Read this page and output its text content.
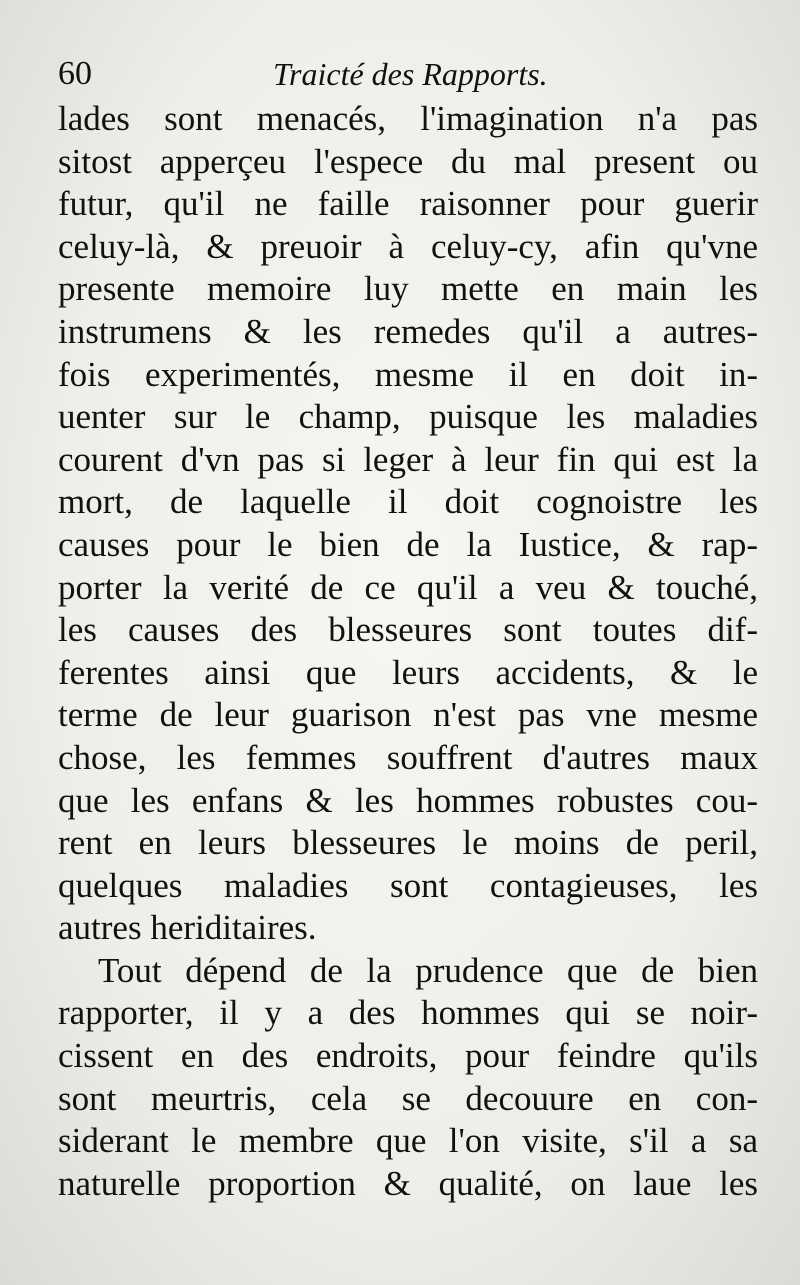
60	Traicté des Rapports.
lades sont menacés, l'imagination n'a pas
sitost apperçeu l'espece du mal present ou
futur, qu'il ne faille raisonner pour guerir
celuy-là, & preuoir à celuy-cy, afin qu'vne
presente memoire luy mette en main les
instrumens & les remedes qu'il a autres-
fois experimentés, mesme il en doit in-
uenter sur le champ, puisque les maladies
courent d'vn pas si leger à leur fin qui est la
mort, de laquelle il doit cognoistre les
causes pour le bien de la Iustice, & rap-
porter la verité de ce qu'il a veu & touché,
les causes des blesseures sont toutes dif-
ferentes ainsi que leurs accidents, & le
terme de leur guarison n'est pas vne mesme
chose, les femmes souffrent d'autres maux
que les enfans & les hommes robustes cou-
rent en leurs blesseures le moins de peril,
quelques maladies sont contagieuses, les
autres heriditaires.
Tout dépend de la prudence que de bien
rapporter, il y a des hommes qui se noir-
cissent en des endroits, pour feindre qu'ils
sont meurtris, cela se decouure en con-
siderant le membre que l'on visite, s'il a sa
naturelle proportion & qualité, on laue les
